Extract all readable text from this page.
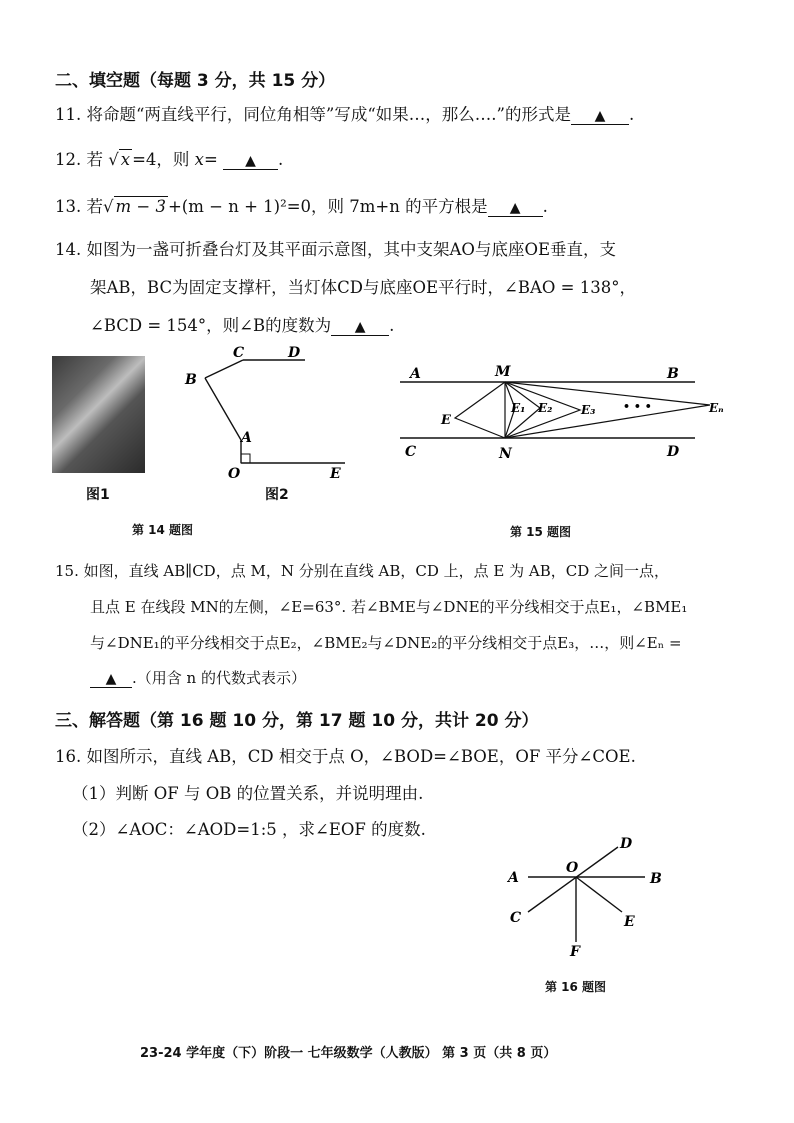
二、填空题（每题 3 分，共 15 分）
11. 将命题“两直线平行，同位角相等”写成“如果…，那么….”的形式是 ▲ .
12. 若 √ x =4，则 x= ▲ .
13. 若√ m − 3 +(m − n + 1)²=0，则 7m+n 的平方根是 ▲ .
14. 如图为一盏可折叠台灯及其平面示意图，其中支架AO与底座OE垂直，支
架AB，BC为固定支撑杆，当灯体CD与底座OE平行时，∠BAO = 138°，
∠BCD = 154°，则∠B的度数为 ▲ .
图1
C	D
B
A
O	E
图2
第 14 题图
A	M	B
C	N	D
E
E₁ E₂ E₃	• • •	Eₙ
第 15 题图
15. 如图，直线 AB∥CD，点 M，N 分别在直线 AB，CD 上，点 E 为 AB，CD 之间一点，
且点 E 在线段 MN的左侧，∠E=63°. 若∠BME与∠DNE的平分线相交于点E₁，∠BME₁
与∠DNE₁的平分线相交于点E₂，∠BME₂与∠DNE₂的平分线相交于点E₃，…，则∠Eₙ =
▲ .（用含 n 的代数式表示）
三、解答题（第 16 题 10 分，第 17 题 10 分，共计 20 分）
16. 如图所示，直线 AB，CD 相交于点 O，∠BOD=∠BOE，OF 平分∠COE.
（1）判断 OF 与 OB 的位置关系，并说明理由.
（2）∠AOC：∠AOD=1:5 ，求∠EOF 的度数.
A
O
B
C
D
E
F
第 16 题图
23-24 学年度（下）阶段一 七年级数学（人教版） 第 3 页（共 8 页）
